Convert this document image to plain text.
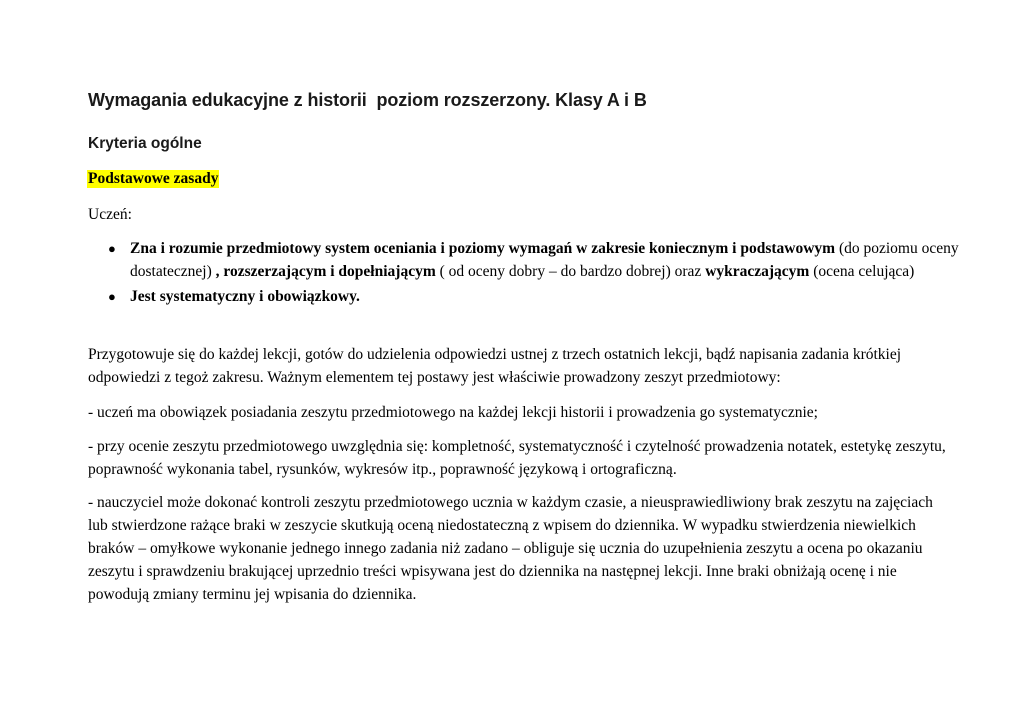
Wymagania edukacyjne z historii  poziom rozszerzony. Klasy A i B
Kryteria ogólne
Podstawowe zasady
Uczeń:
● Zna i rozumie przedmiotowy system oceniania i poziomy wymagań w zakresie koniecznym i podstawowym (do poziomu oceny dostatecznej) , rozszerzającym i dopełniającym ( od oceny dobry – do bardzo dobrej) oraz wykraczającym (ocena celująca)
● Jest systematyczny i obowiązkowy.

Przygotowuje się do każdej lekcji, gotów do udzielenia odpowiedzi ustnej z trzech ostatnich lekcji, bądź napisania zadania krótkiej odpowiedzi z tegoż zakresu. Ważnym elementem tej postawy jest właściwie prowadzony zeszyt przedmiotowy:

- uczeń ma obowiązek posiadania zeszytu przedmiotowego na każdej lekcji historii i prowadzenia go systematycznie;

- przy ocenie zeszytu przedmiotowego uwzględnia się: kompletność, systematyczność i czytelność prowadzenia notatek, estetykę zeszytu, poprawność wykonania tabel, rysunków, wykresów itp., poprawność językową i ortograficzną.

- nauczyciel może dokonać kontroli zeszytu przedmiotowego ucznia w każdym czasie, a nieusprawiedliwiony brak zeszytu na zajęciach lub stwierdzone rażące braki w zeszycie skutkują oceną niedostateczną z wpisem do dziennika. W wypadku stwierdzenia niewielkich braków – omyłkowe wykonanie jednego innego zadania niż zadano – obliguje się ucznia do uzupełnienia zeszytu a ocena po okazaniu zeszytu i sprawdzeniu brakującej uprzednio treści wpisywana jest do dziennika na następnej lekcji. Inne braki obniżają ocenę i nie powodują zmiany terminu jej wpisania do dziennika.
